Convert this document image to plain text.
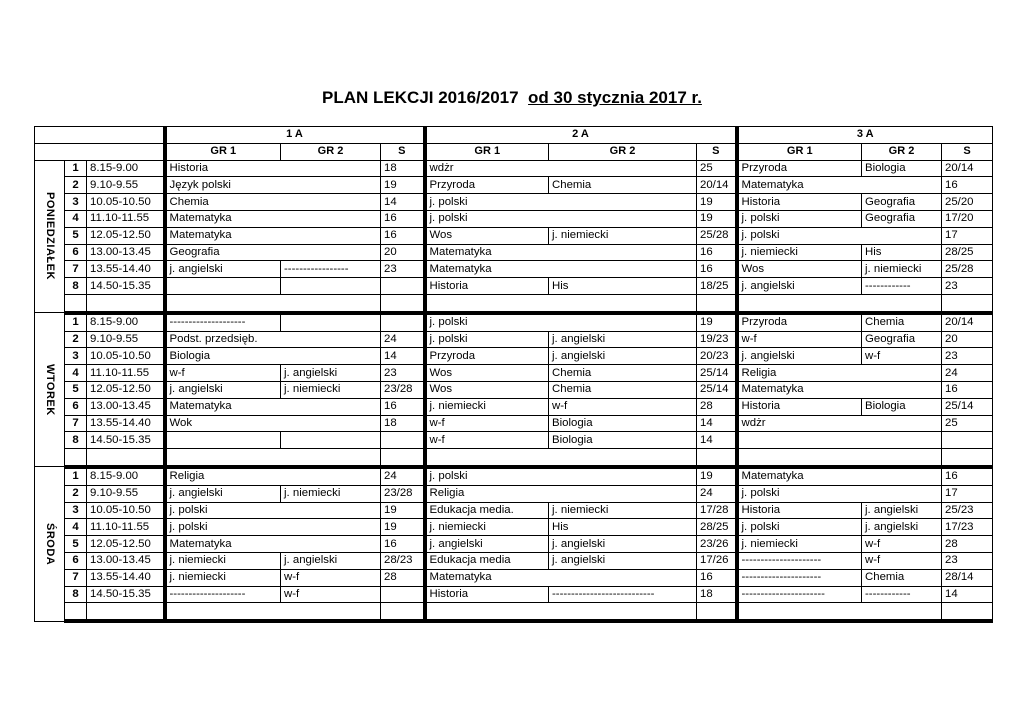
PLAN LEKCJI 2016/2017 od 30 stycznia 2017 r.
			1 A			2 A			3 A		
			GR 1	GR 2	S	GR 1	GR 2	S	GR 1	GR 2	S

PONIEDZIAŁEK	1	8.15-9.00	Historia		18	wdżr		25	Przyroda	Biologia	20/14
	2	9.10-9.55	Język polski		19	Przyroda	Chemia	20/14	Matematyka		16
	3	10.05-10.50	Chemia		14	j. polski		19	Historia	Geografia	25/20
	4	11.10-11.55	Matematyka		16	j. polski		19	j. polski	Geografia	17/20
	5	12.05-12.50	Matematyka		16	Wos	j. niemiecki	25/28	j. polski		17
	6	13.00-13.45	Geografia		20	Matematyka		16	j. niemiecki	His	28/25
	7	13.55-14.40	j. angielski	-----------------	23	Matematyka		16	Wos	j. niemiecki	25/28
	8	14.50-15.35				Historia	His	18/25	j. angielski	------------	23

WTOREK	1	8.15-9.00	--------------------			j. polski		19	Przyroda	Chemia	20/14
	2	9.10-9.55	Podst. przedsięb.		24	j. polski	j. angielski	19/23	w-f	Geografia	20
	3	10.05-10.50	Biologia		14	Przyroda	j. angielski	20/23	j. angielski	w-f	23
	4	11.10-11.55	w-f	j. angielski	23	Wos	Chemia	25/14	Religia		24
	5	12.05-12.50	j. angielski	j. niemiecki	23/28	Wos	Chemia	25/14	Matematyka		16
	6	13.00-13.45	Matematyka		16	j. niemiecki	w-f	28	Historia	Biologia	25/14
	7	13.55-14.40	Wok		18	w-f	Biologia	14	wdżr		25
	8	14.50-15.35				w-f	Biologia	14			

ŚRODA	1	8.15-9.00	Religia		24	j. polski		19	Matematyka		16
	2	9.10-9.55	j. angielski	j. niemiecki	23/28	Religia		24	j. polski		17
	3	10.05-10.50	j. polski		19	Edukacja media.	j. niemiecki	17/28	Historia	j. angielski	25/23
	4	11.10-11.55	j. polski		19	j. niemiecki	His	28/25	j. polski	j. angielski	17/23
	5	12.05-12.50	Matematyka		16	j. angielski	j. angielski	23/26	j. niemiecki	w-f	28
	6	13.00-13.45	j. niemiecki	j. angielski	28/23	Edukacja media	j. angielski	17/26	---------------------	w-f	23
	7	13.55-14.40	j. niemiecki	w-f	28	Matematyka		16	---------------------	Chemia	28/14
	8	14.50-15.35	--------------------	w-f		Historia	---------------------------	18	----------------------	------------	14
